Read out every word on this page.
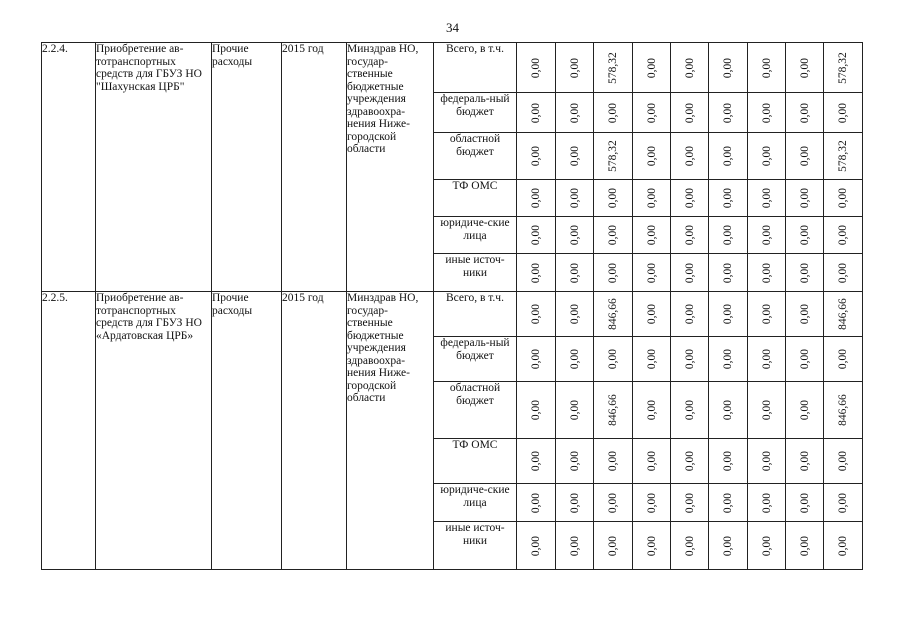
34
2.2.4.	Приобретение ав-тотранспортных средств для ГБУЗ НО "Шахунская ЦРБ"	Прочие расходы	2015 год	Минздрав НО, государ-ственные бюджетные учреждения здравоохра-нения Ниже-городской области	Всего, в т.ч.	0,00	0,00	578,32	0,00	0,00	0,00	0,00	0,00	578,32

					федераль-ный бюджет	0,00	0,00	0,00	0,00	0,00	0,00	0,00	0,00	0,00

					областной бюджет	0,00	0,00	578,32	0,00	0,00	0,00	0,00	0,00	578,32

					ТФ ОМС	0,00	0,00	0,00	0,00	0,00	0,00	0,00	0,00	0,00

					юридиче-ские лица	0,00	0,00	0,00	0,00	0,00	0,00	0,00	0,00	0,00

					иные источ-ники	0,00	0,00	0,00	0,00	0,00	0,00	0,00	0,00	0,00

2.2.5.	Приобретение ав-тотранспортных средств для ГБУЗ НО «Ардатовская ЦРБ»	Прочие расходы	2015 год	Минздрав НО, государ-ственные бюджетные учреждения здравоохра-нения Ниже-городской области	Всего, в т.ч.	0,00	0,00	846,66	0,00	0,00	0,00	0,00	0,00	846,66

					федераль-ный бюджет	0,00	0,00	0,00	0,00	0,00	0,00	0,00	0,00	0,00

					областной бюджет	0,00	0,00	846,66	0,00	0,00	0,00	0,00	0,00	846,66

					ТФ ОМС	0,00	0,00	0,00	0,00	0,00	0,00	0,00	0,00	0,00

					юридиче-ские лица	0,00	0,00	0,00	0,00	0,00	0,00	0,00	0,00	0,00

					иные источ-ники	0,00	0,00	0,00	0,00	0,00	0,00	0,00	0,00	0,00
